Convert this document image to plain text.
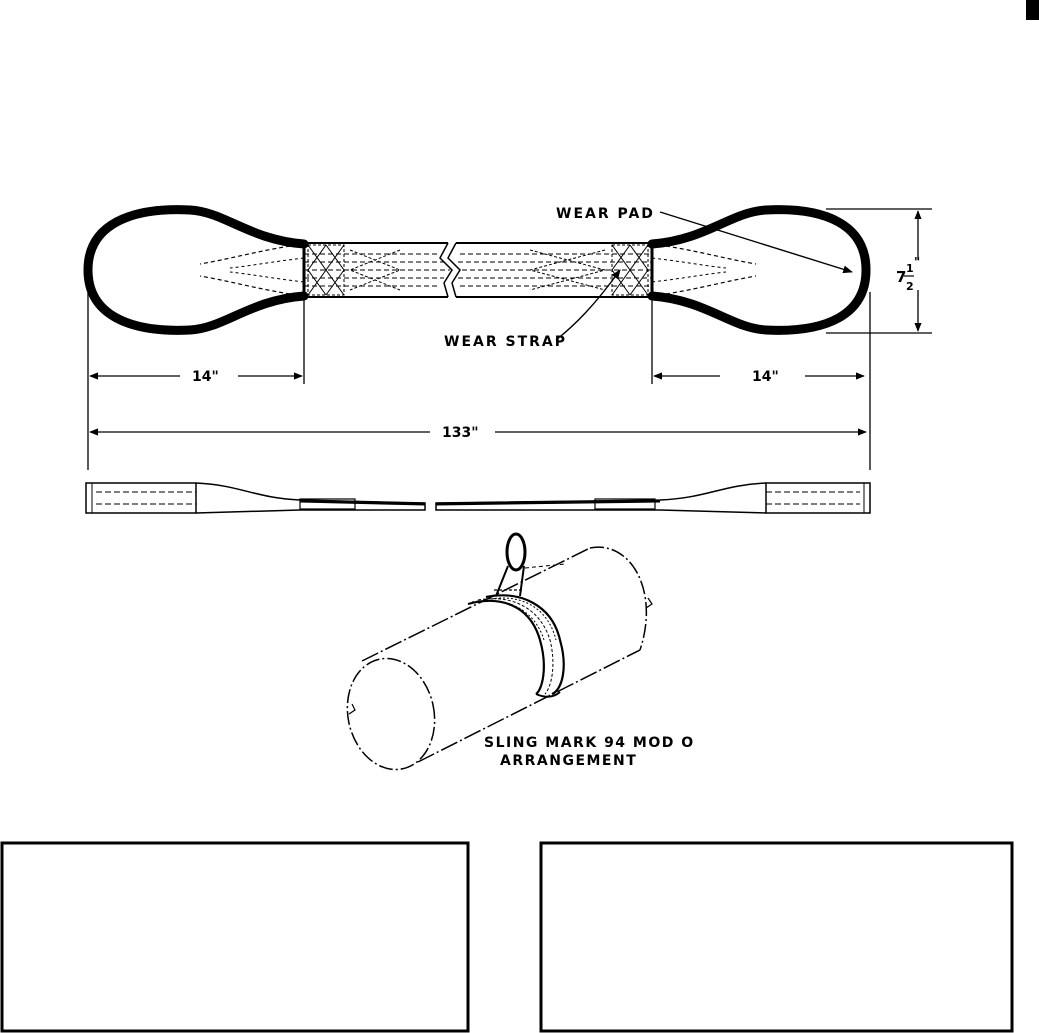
WEAR PAD
WEAR STRAP
14"	14"
133"
7 1
2
"
SLING MARK 94 MOD O
ARRANGEMENT
